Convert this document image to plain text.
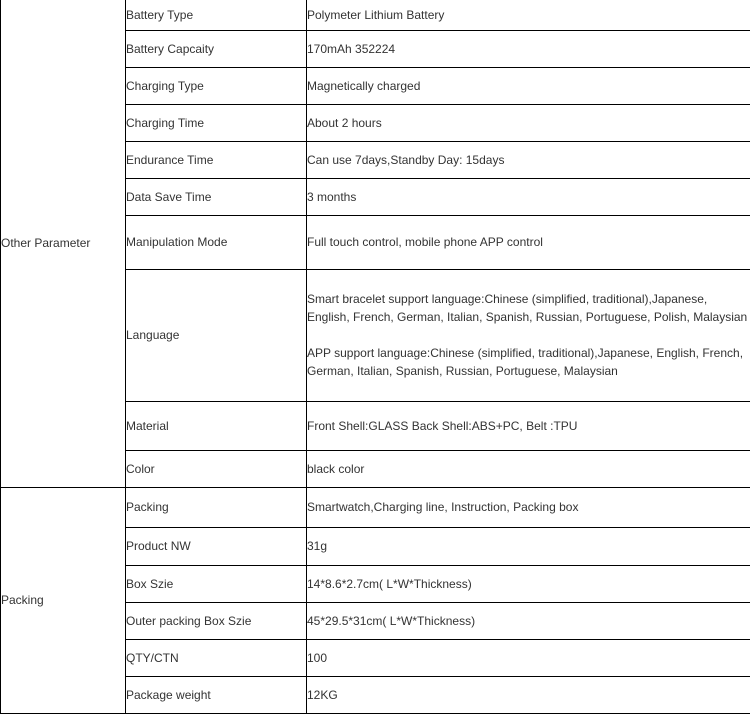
Other Parameter	Battery Type	Polymeter Lithium Battery
	Battery Capcaity	170mAh 352224
	Charging Type	Magnetically charged
	Charging Time	About 2 hours
	Endurance Time	Can use 7days,Standby Day: 15days
	Data Save Time	3 months
	Manipulation Mode	Full touch control, mobile phone APP control
	Language	Smart bracelet support language:Chinese (simplified, traditional),Japanese, English, French, German, Italian, Spanish, Russian, Portuguese, Polish, Malaysian

APP support language:Chinese (simplified, traditional),Japanese, English, French, German, Italian, Spanish, Russian, Portuguese, Malaysian

	Material	Front Shell:GLASS Back Shell:ABS+PC, Belt :TPU
	Color	black color
Packing	Packing	Smartwatch,Charging line, Instruction, Packing box
	Product NW	31g
	Box Szie	14*8.6*2.7cm( L*W*Thickness)
	Outer packing Box Szie	45*29.5*31cm( L*W*Thickness)
	QTY/CTN	100
	Package weight	12KG
